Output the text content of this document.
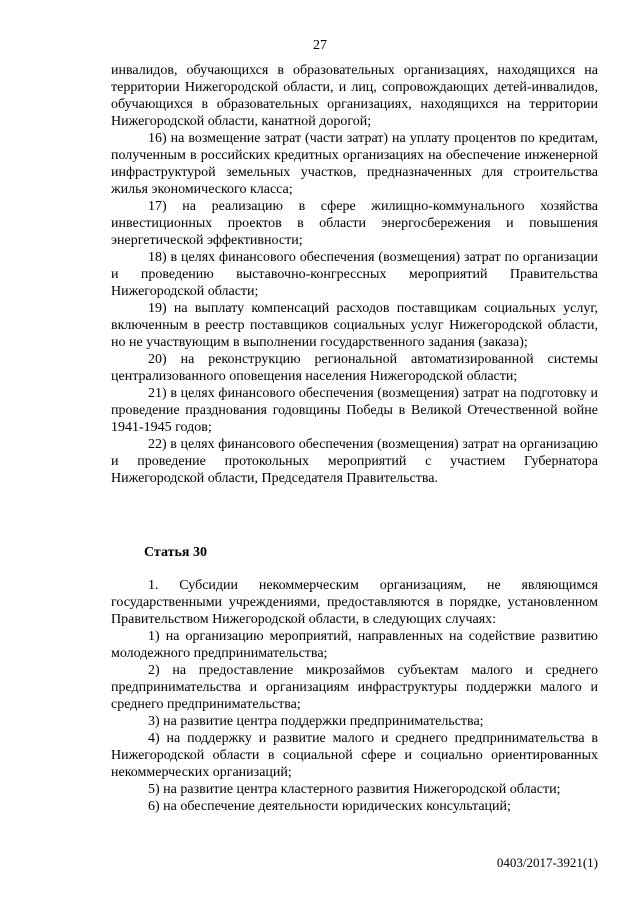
27

инвалидов, обучающихся в образовательных организациях, находящихся на территории Нижегородской области, и лиц, сопровождающих детей-инвалидов, обучающихся в образовательных организациях, находящихся на территории Нижегородской области, канатной дорогой;

16) на возмещение затрат (части затрат) на уплату процентов по кредитам, полученным в российских кредитных организациях на обеспечение инженерной инфраструктурой земельных участков, предназначенных для строительства жилья экономического класса;

17) на реализацию в сфере жилищно-коммунального хозяйства инвестиционных проектов в области энергосбережения и повышения энергетической эффективности;

18) в целях финансового обеспечения (возмещения) затрат по организации и проведению выставочно-конгрессных мероприятий Правительства Нижегородской области;

19) на выплату компенсаций расходов поставщикам социальных услуг, включенным в реестр поставщиков социальных услуг Нижегородской области, но не участвующим в выполнении государственного задания (заказа);

20) на реконструкцию региональной автоматизированной системы централизованного оповещения населения Нижегородской области;

21) в целях финансового обеспечения (возмещения) затрат на подготовку и проведение празднования годовщины Победы в Великой Отечественной войне 1941-1945 годов;

22) в целях финансового обеспечения (возмещения) затрат на организацию и проведение протокольных мероприятий с участием Губернатора Нижегородской области, Председателя Правительства.

Статья 30

1. Субсидии некоммерческим организациям, не являющимся государственными учреждениями, предоставляются в порядке, установленном Правительством Нижегородской области, в следующих случаях:

1) на организацию мероприятий, направленных на содействие развитию молодежного предпринимательства;

2) на предоставление микрозаймов субъектам малого и среднего предпринимательства и организациям инфраструктуры поддержки малого и среднего предпринимательства;

3) на развитие центра поддержки предпринимательства;

4) на поддержку и развитие малого и среднего предпринимательства в Нижегородской области в социальной сфере и социально ориентированных некоммерческих организаций;

5) на развитие центра кластерного развития Нижегородской области;

6) на обеспечение деятельности юридических консультаций;

0403/2017-3921(1)
